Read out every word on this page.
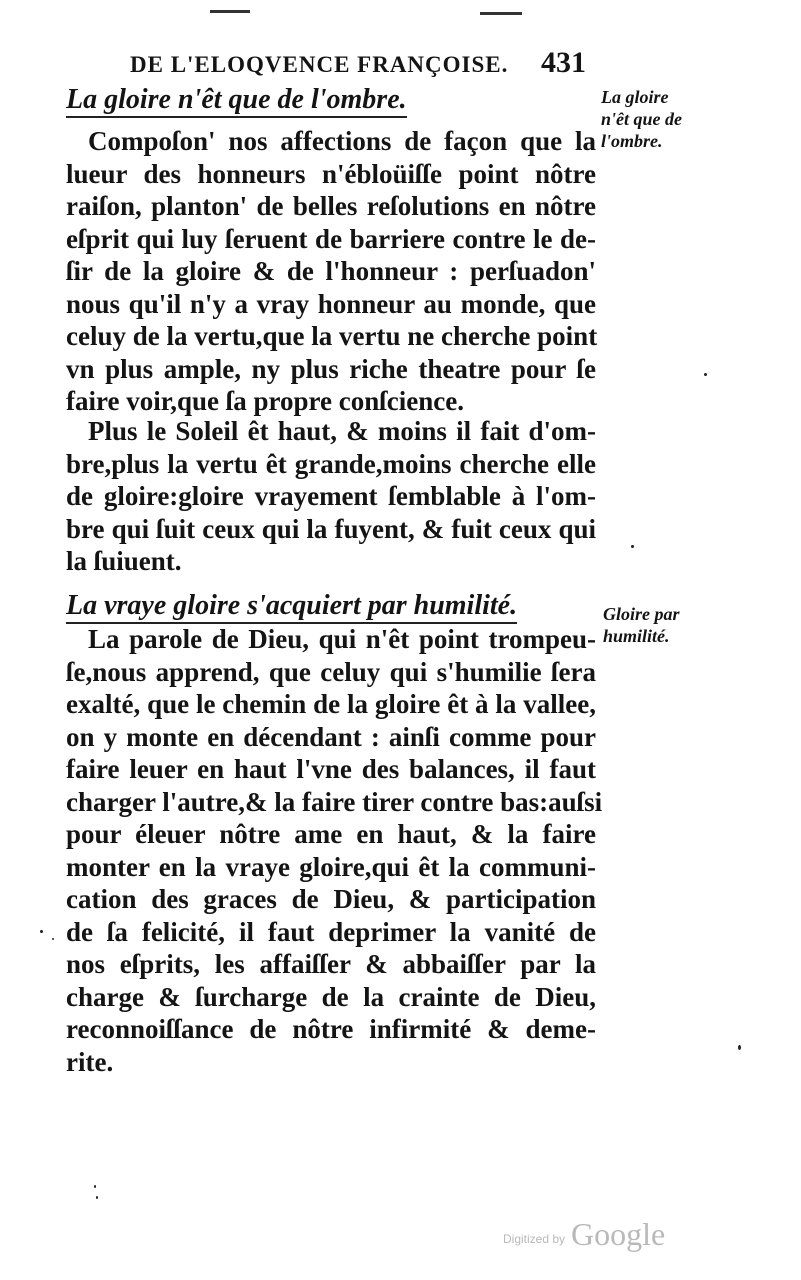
DE L'ELOQVENCE FRANÇOISE.	431
La gloire n'êt que de l'ombre.	La gloire
n'êt que de
l'ombre.
Compoſon' nos affections de façon que la
lueur des honneurs n'ébloüiſſe point nôtre
raiſon, planton' de belles reſolutions en nôtre
eſprit qui luy ſeruent de barriere contre le de-
ſir de la gloire & de l'honneur : perſuadon'
nous qu'il n'y a vray honneur au monde, que
celuy de la vertu,que la vertu ne cherche point
vn plus ample, ny plus riche theatre pour ſe
faire voir,que ſa propre conſcience.
Plus le Soleil êt haut, & moins il fait d'om-
bre,plus la vertu êt grande,moins cherche elle
de gloire:gloire vrayement ſemblable à l'om-
bre qui ſuit ceux qui la fuyent, & fuit ceux qui
la ſuiuent.
La vraye gloire s'acquiert par humilité.	Gloire par
humilité.
La parole de Dieu, qui n'êt point trompeu-
ſe,nous apprend, que celuy qui s'humilie ſera
exalté, que le chemin de la gloire êt à la vallee,
on y monte en décendant : ainſi comme pour
faire leuer en haut l'vne des balances, il faut
charger l'autre,& la faire tirer contre bas:auſsi
pour éleuer nôtre ame en haut, & la faire
monter en la vraye gloire,qui êt la communi-
cation des graces de Dieu, & participation
de ſa felicité, il faut deprimer la vanité de
nos eſprits, les affaiſſer & abbaiſſer par la
charge & ſurcharge de la crainte de Dieu,
reconnoiſſance de nôtre infirmité & deme-
rite.
Digitized by Google
